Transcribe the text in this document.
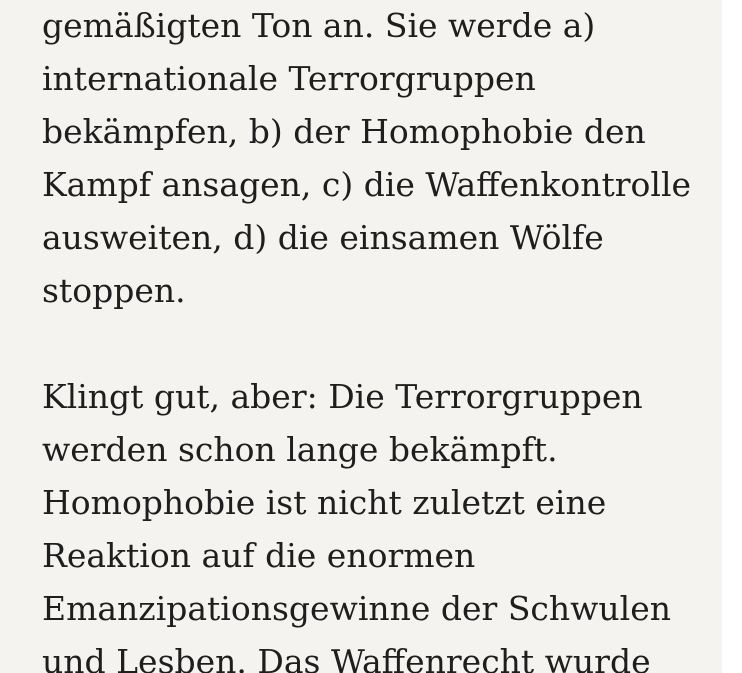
gemäßigten Ton an. Sie werde a)
internationale Terrorgruppen
bekämpfen, b) der Homophobie den
Kampf ansagen, c) die Waffenkontrolle
ausweiten, d) die einsamen Wölfe
stoppen.
Klingt gut, aber: Die Terrorgruppen
werden schon lange bekämpft.
Homophobie ist nicht zuletzt eine
Reaktion auf die enormen
Emanzipationsgewinne der Schwulen
und Lesben. Das Waffenrecht wurde
